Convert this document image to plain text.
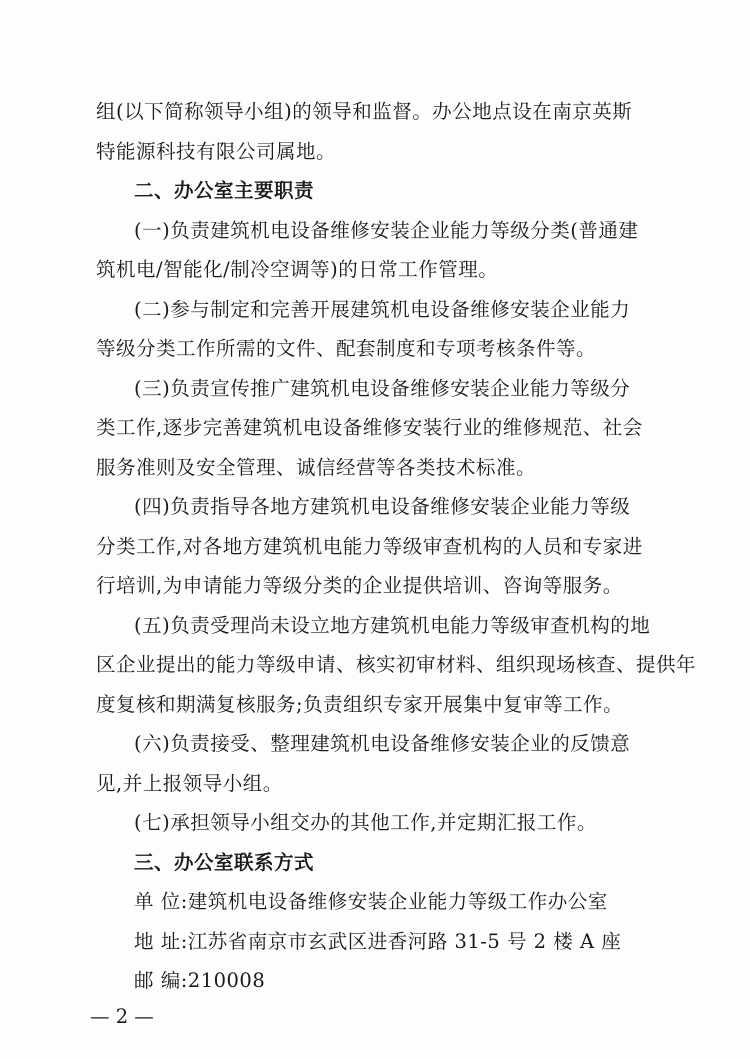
组(以下简称领导小组)的领导和监督。办公地点设在南京英斯
特能源科技有限公司属地。
二、办公室主要职责
(一)负责建筑机电设备维修安装企业能力等级分类(普通建
筑机电/智能化/制冷空调等)的日常工作管理。
(二)参与制定和完善开展建筑机电设备维修安装企业能力
等级分类工作所需的文件、配套制度和专项考核条件等。
(三)负责宣传推广建筑机电设备维修安装企业能力等级分
类工作,逐步完善建筑机电设备维修安装行业的维修规范、社会
服务准则及安全管理、诚信经营等各类技术标准。
(四)负责指导各地方建筑机电设备维修安装企业能力等级
分类工作,对各地方建筑机电能力等级审查机构的人员和专家进
行培训,为申请能力等级分类的企业提供培训、咨询等服务。
(五)负责受理尚未设立地方建筑机电能力等级审查机构的地
区企业提出的能力等级申请、核实初审材料、组织现场核查、提供年
度复核和期满复核服务;负责组织专家开展集中复审等工作。
(六)负责接受、整理建筑机电设备维修安装企业的反馈意
见,并上报领导小组。
(七)承担领导小组交办的其他工作,并定期汇报工作。
三、办公室联系方式
单 位:建筑机电设备维修安装企业能力等级工作办公室
地 址:江苏省南京市玄武区进香河路 31-5 号 2 楼 A 座
邮 编:210008
— 2 —
